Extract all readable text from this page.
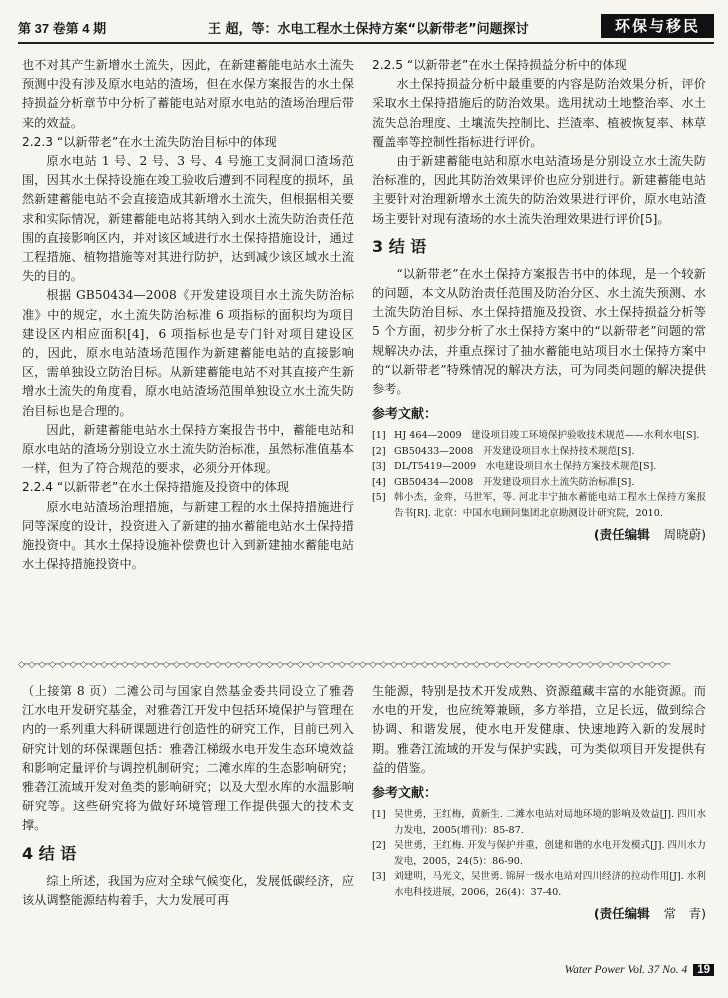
第 37 卷第 4 期	王 超，等：水电工程水土保持方案“以新带老”问题探讨	环保与移民

也不对其产生新增水土流失，因此，在新建蓄能电站水土流失预测中没有涉及原水电站的渣场，但在水保方案报告的水土保持损益分析章节中分析了蓄能电站对原水电站的渣场治理后带来的效益。

2.2.3 “以新带老”在水土流失防治目标中的体现

原水电站 1 号、2 号、3 号、4 号施工支洞洞口渣场范围，因其水土保持设施在竣工验收后遭到不同程度的损坏，虽然新建蓄能电站不会直接造成其新增水土流失，但根据相关要求和实际情况，新建蓄能电站将其纳入到水土流失防治责任范围的直接影响区内，并对该区域进行水土保持措施设计，通过工程措施、植物措施等对其进行防护，达到减少该区域水土流失的目的。

根据 GB50434—2008《开发建设项目水土流失防治标准》中的规定，水土流失防治标准 6 项指标的面积均为项目建设区内相应面积[4]，6 项指标也是专门针对项目建设区的，因此，原水电站渣场范围作为新建蓄能电站的直接影响区，需单独设立防治目标。从新建蓄能电站不对其直接产生新增水土流失的角度看，原水电站渣场范围单独设立水土流失防治目标也是合理的。

因此，新建蓄能电站水土保持方案报告书中，蓄能电站和原水电站的渣场分别设立水土流失防治标准，虽然标准值基本一样，但为了符合规范的要求，必须分开体现。

2.2.4 “以新带老”在水土保持措施及投资中的体现

原水电站渣场治理措施，与新建工程的水土保持措施进行同等深度的设计，投资进入了新建的抽水蓄能电站水土保持措施投资中。其水土保持设施补偿费也计入到新建抽水蓄能电站水土保持措施投资中。

2.2.5 “以新带老”在水土保持损益分析中的体现

水土保持损益分析中最重要的内容是防治效果分析，评价采取水土保持措施后的防治效果。选用扰动土地整治率、水土流失总治理度、土壤流失控制比、拦渣率、植被恢复率、林草覆盖率等控制性指标进行评价。

由于新建蓄能电站和原水电站渣场是分别设立水土流失防治标准的，因此其防治效果评价也应分别进行。新建蓄能电站主要针对治理新增水土流失的防治效果进行评价，原水电站渣场主要针对现有渣场的水土流失治理效果进行评价[5]。

3 结 语

“以新带老”在水土保持方案报告书中的体现，是一个较新的问题，本文从防治责任范围及防治分区、水土流失预测、水土流失防治目标、水土保持措施及投资、水土保持损益分析等 5 个方面，初步分析了水土保持方案中的“以新带老”问题的常规解决办法，并重点探讨了抽水蓄能电站项目水土保持方案中的“以新带老”特殊情况的解决方法，可为同类问题的解决提供参考。

参考文献：
[1] HJ 464—2009　建设项目竣工环境保护验收技术规范——水利水电[S].
[2] GB50433—2008　开发建设项目水土保持技术规范[S].
[3] DL/T5419—2009　水电建设项目水土保持方案技术规范[S].
[4] GB50434—2008　开发建设项目水土流失防治标准[S].
[5] 韩小杰，金弈，马世军，等. 河北丰宁抽水蓄能电站工程水土保持方案报告书[R]. 北京：中国水电顾问集团北京勘测设计研究院，2010.
(责任编辑 周晓蔚)
◇─◇─◇─◇─◇─◇─◇─◇─◇─◇─◇─◇─◇─◇─◇─◇─◇─◇─◇─◇─◇─◇─◇─◇─◇─◇─◇─◇─◇─◇─◇─◇─◇─◇─◇─◇─◇─◇─◇─◇─◇─◇─◇─◇─◇─◇─◇─◇─◇─◇─◇─◇─◇─◇─◇─◇─◇─◇─◇─◇─◇─◇─◇─

（上接第 8 页）二滩公司与国家自然基金委共同设立了雅砻江水电开发研究基金，对雅砻江开发中包括环境保护与管理在内的一系列重大科研课题进行创造性的研究工作，目前已列入研究计划的环保课题包括：雅砻江梯级水电开发生态环境效益和影响定量评价与调控机制研究；二滩水库的生态影响研究；雅砻江流域开发对鱼类的影响研究；以及大型水库的水温影响研究等。这些研究将为做好环境管理工作提供强大的技术支撑。

4 结 语

综上所述，我国为应对全球气候变化，发展低碳经济，应该从调整能源结构着手，大力发展可再

生能源，特别是技术开发成熟、资源蕴藏丰富的水能资源。而水电的开发，也应统筹兼顾，多方举措，立足长远，做到综合协调、和谐发展，使水电开发健康、快速地跨入新的发展时期。雅砻江流域的开发与保护实践，可为类似项目开发提供有益的借鉴。

参考文献：
[1] 吴世勇，王红梅，黄新生. 二滩水电站对局地环境的影响及效益[J]. 四川水力发电，2005(增刊)：85-87.
[2] 吴世勇，王红梅. 开发与保护并重，创建和谐的水电开发模式[J]. 四川水力发电，2005，24(5)：86-90.
[3] 刘建明，马光文，吴世勇. 锦屏一级水电站对四川经济的拉动作用[J]. 水利水电科技进展，2006，26(4)：37-40.
(责任编辑 常　青)
Water Power Vol. 37 No. 4 19
